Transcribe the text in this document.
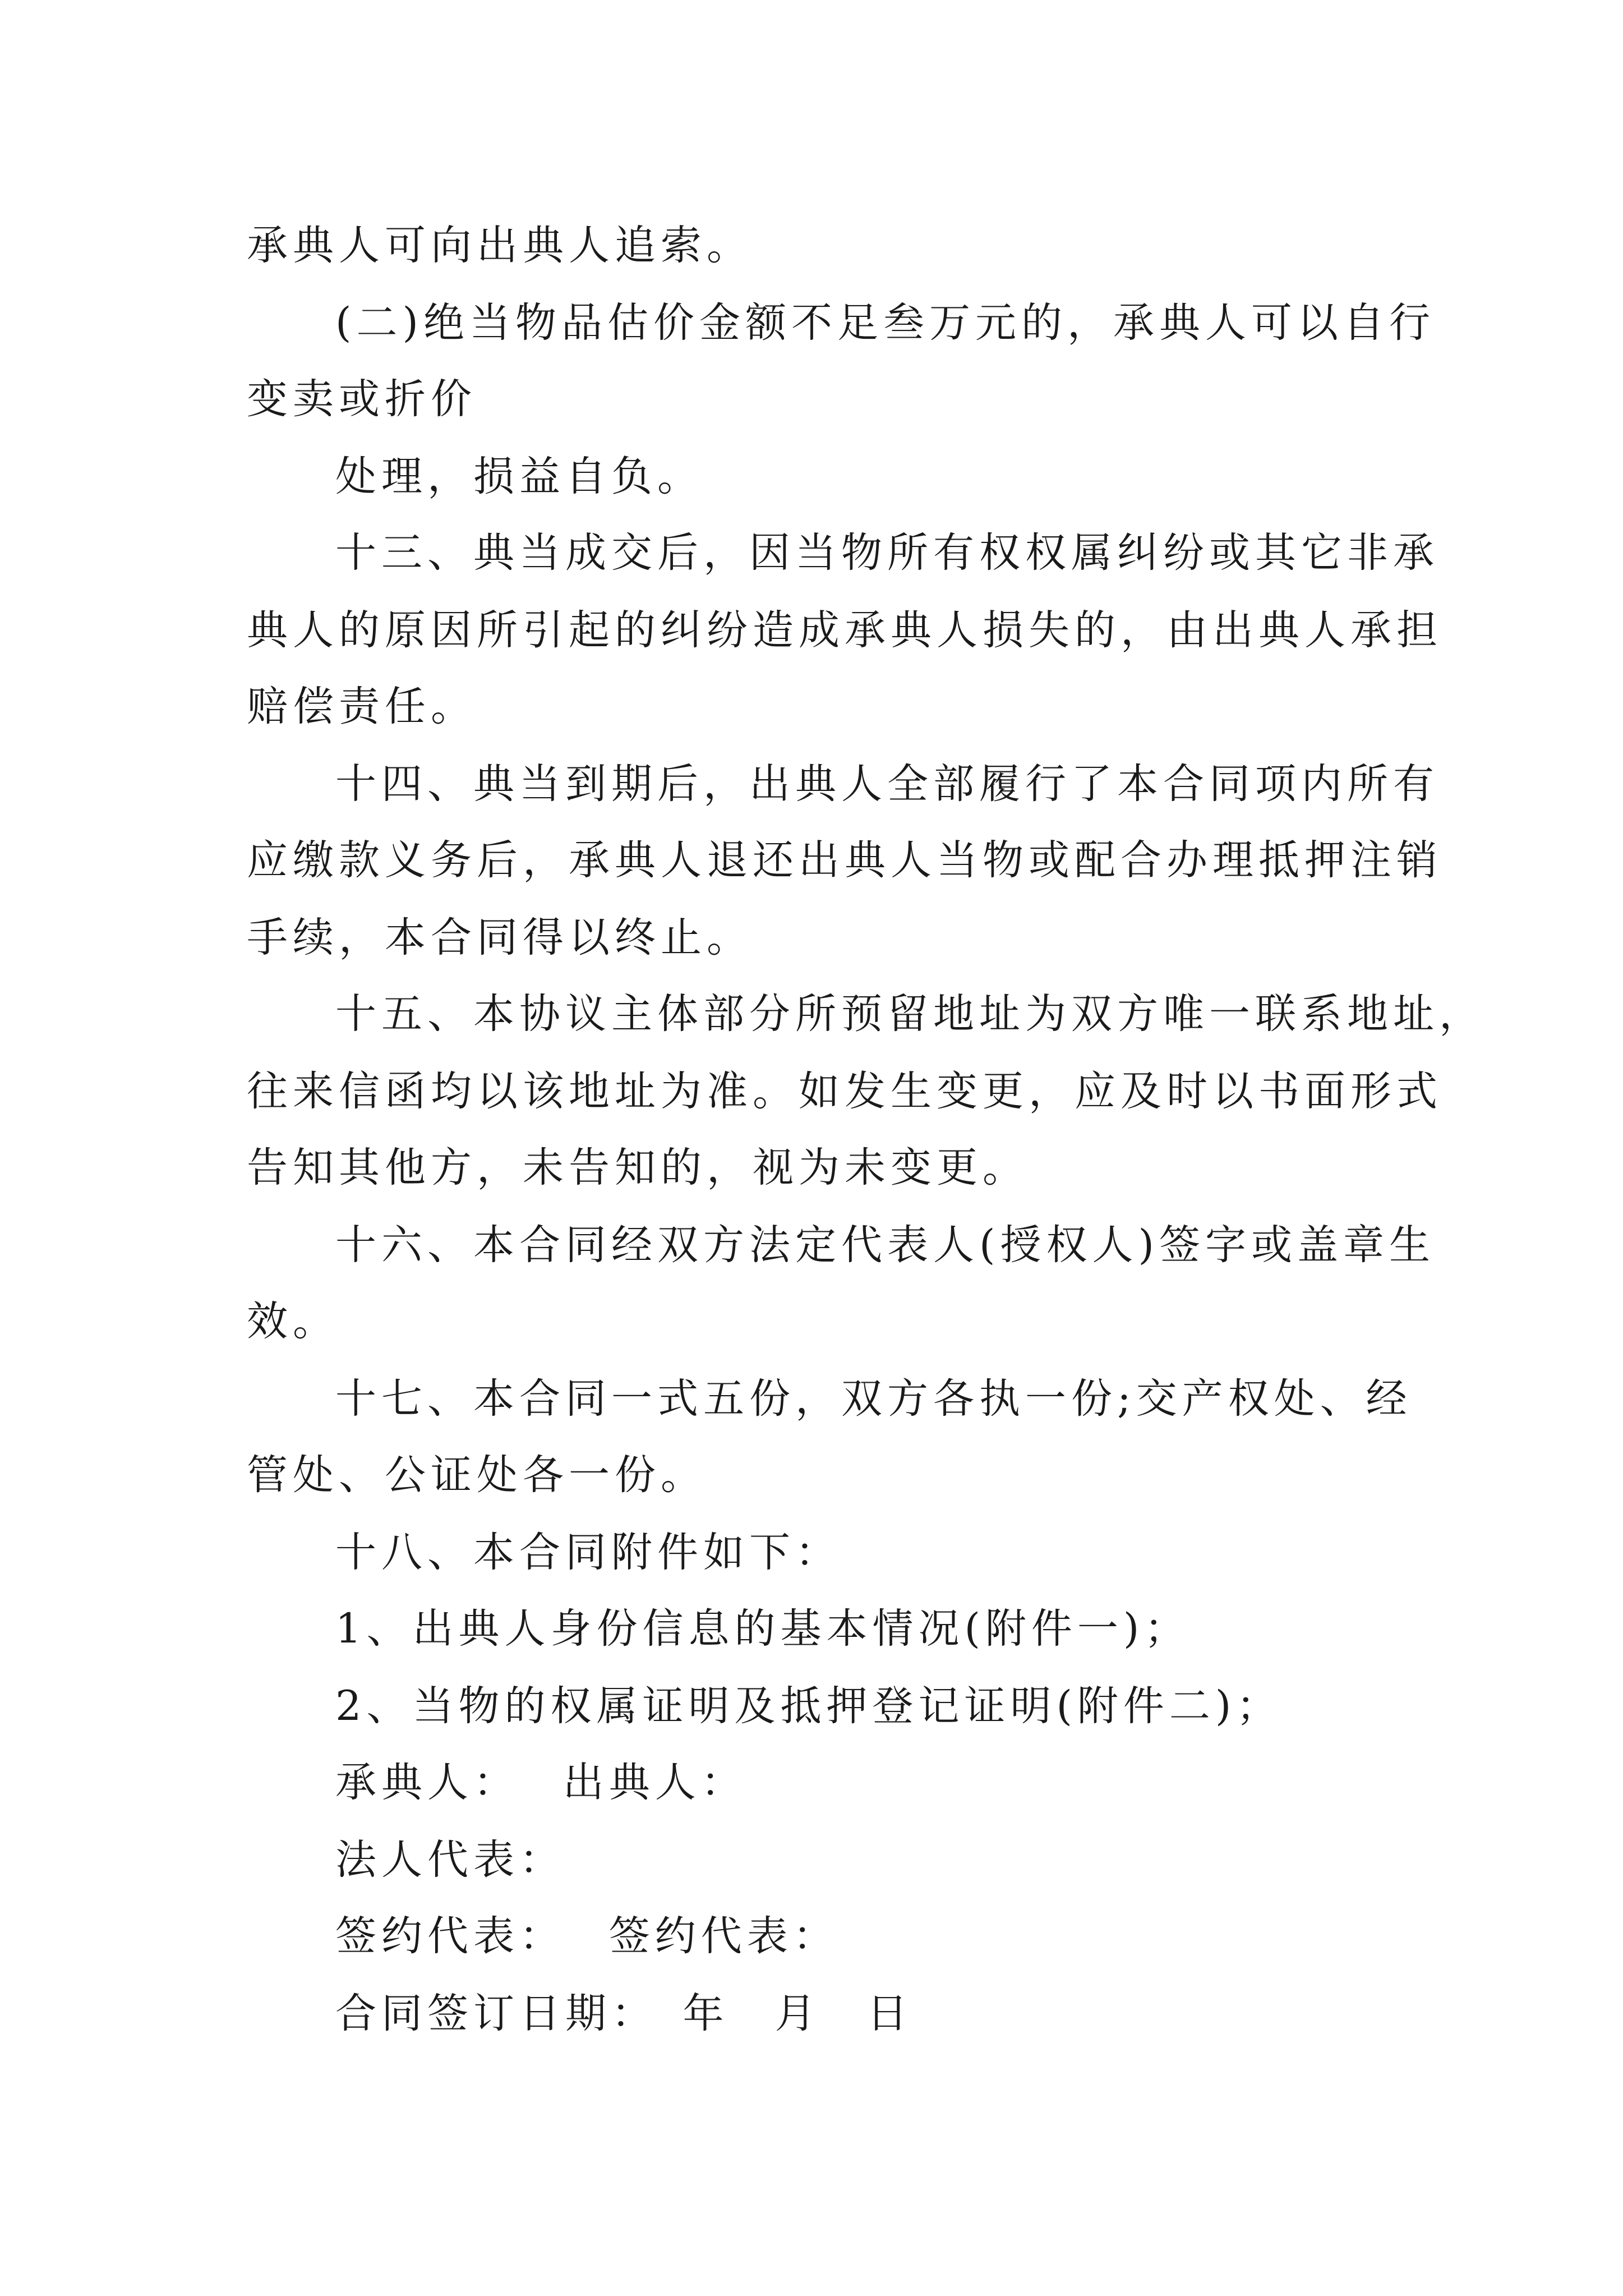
承典人可向出典人追索。
(二)绝当物品估价金额不足叁万元的，承典人可以自行
变卖或折价
处理，损益自负。
十三、典当成交后，因当物所有权权属纠纷或其它非承
典人的原因所引起的纠纷造成承典人损失的，由出典人承担
赔偿责任。
十四、典当到期后，出典人全部履行了本合同项内所有
应缴款义务后，承典人退还出典人当物或配合办理抵押注销
手续，本合同得以终止。
十五、本协议主体部分所预留地址为双方唯一联系地址，
往来信函均以该地址为准。如发生变更，应及时以书面形式
告知其他方，未告知的，视为未变更。
十六、本合同经双方法定代表人(授权人)签字或盖章生
效。
十七、本合同一式五份，双方各执一份;交产权处、经
管处、公证处各一份。
十八、本合同附件如下：
1、出典人身份信息的基本情况(附件一)；
2、当物的权属证明及抵押登记证明(附件二)；
承典人：　 出典人：
法人代表：
签约代表：　 签约代表：
合同签订日期：　年　月　日
